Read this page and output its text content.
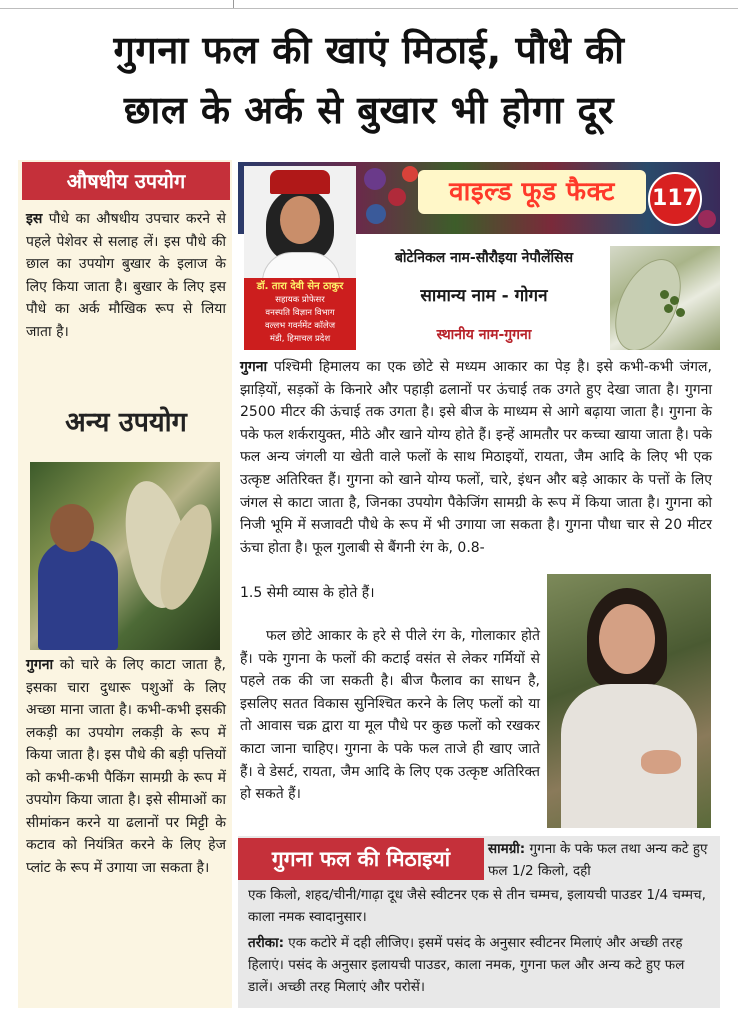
गुगना फल की खाएं मिठाई, पौधे की
छाल के अर्क से बुखार भी होगा दूर
औषधीय उपयोग

इस पौधे का औषधीय उपचार करने से पहले पेशेवर से सलाह लें। इस पौधे की छाल का उपयोग बुखार के इलाज के लिए किया जाता है। बुखार के लिए इस पौधे का अर्क मौखिक रूप से लिया जाता है।

अन्य उपयोग

गुगना को चारे के लिए काटा जाता है, इसका चारा दुधारू पशुओं के लिए अच्छा माना जाता है। कभी-कभी इसकी लकड़ी का उपयोग लकड़ी के रूप में किया जाता है। इस पौधे की बड़ी पत्तियों को कभी-कभी पैकिंग सामग्री के रूप में उपयोग किया जाता है। इसे सीमाओं का सीमांकन करने या ढलानों पर मिट्टी के कटाव को नियंत्रित करने के लिए हेज प्लांट के रूप में उगाया जा सकता है।

वाइल्ड फूड फैक्ट	117
डॉ. तारा देवी सेन ठाकुर
सहायक प्रोफेसर
वनस्पति विज्ञान विभाग
वल्लभ गवर्नमेंट कॉलेज
मंडी, हिमाचल प्रदेश

बोटेनिकल नाम-सौरौइया नेपौलेंसिस

सामान्य नाम - गोगन

स्थानीय नाम-गुगना

गुगना पश्चिमी हिमालय का एक छोटे से मध्यम आकार का पेड़ है। इसे कभी-कभी जंगल, झाड़ियों, सड़कों के किनारे और पहाड़ी ढलानों पर ऊंचाई तक उगते हुए देखा जाता है। गुगना 2500 मीटर की ऊंचाई तक उगता है। इसे बीज के माध्यम से आगे बढ़ाया जाता है। गुगना के पके फल शर्करायुक्त, मीठे और खाने योग्य होते हैं। इन्हें आमतौर पर कच्चा खाया जाता है। पके फल अन्य जंगली या खेती वाले फलों के साथ मिठाइयों, रायता, जैम आदि के लिए भी एक उत्कृष्ट अतिरिक्त हैं। गुगना को खाने योग्य फलों, चारे, इंधन और बड़े आकार के पत्तों के लिए जंगल से काटा जाता है, जिनका उपयोग पैकेजिंग सामग्री के रूप में किया जाता है। गुगना को निजी भूमि में सजावटी पौधे के रूप में भी उगाया जा सकता है। गुगना पौधा चार से 20 मीटर ऊंचा होता है। फूल गुलाबी से बैंगनी रंग के, 0.8-

1.5 सेमी व्यास के होते हैं।

फल छोटे आकार के हरे से पीले रंग के, गोलाकार होते हैं। पके गुगना के फलों की कटाई वसंत से लेकर गर्मियों से पहले तक की जा सकती है। बीज फैलाव का साधन है, इसलिए सतत विकास सुनिश्चित करने के लिए फलों को या तो आवास चक्र द्वारा या मूल पौधे पर कुछ फलों को रखकर काटा जाना चाहिए। गुगना के पके फल ताजे ही खाए जाते हैं। वे डेसर्ट, रायता, जैम आदि के लिए एक उत्कृष्ट अतिरिक्त हो सकते हैं।

गुगना फल की मिठाइयां	सामग्री: गुगना के पके फल तथा अन्य कटे हुए फल 1/2 किलो, दही

एक किलो, शहद/चीनी/गाढ़ा दूध जैसे स्वीटनर एक से तीन चम्मच, इलायची पाउडर 1/4 चम्मच, काला नमक स्वादानुसार।

तरीका: एक कटोरे में दही लीजिए। इसमें पसंद के अनुसार स्वीटनर मिलाएं और अच्छी तरह हिलाएं। पसंद के अनुसार इलायची पाउडर, काला नमक, गुगना फल और अन्य कटे हुए फल डालें। अच्छी तरह मिलाएं और परोसें।
